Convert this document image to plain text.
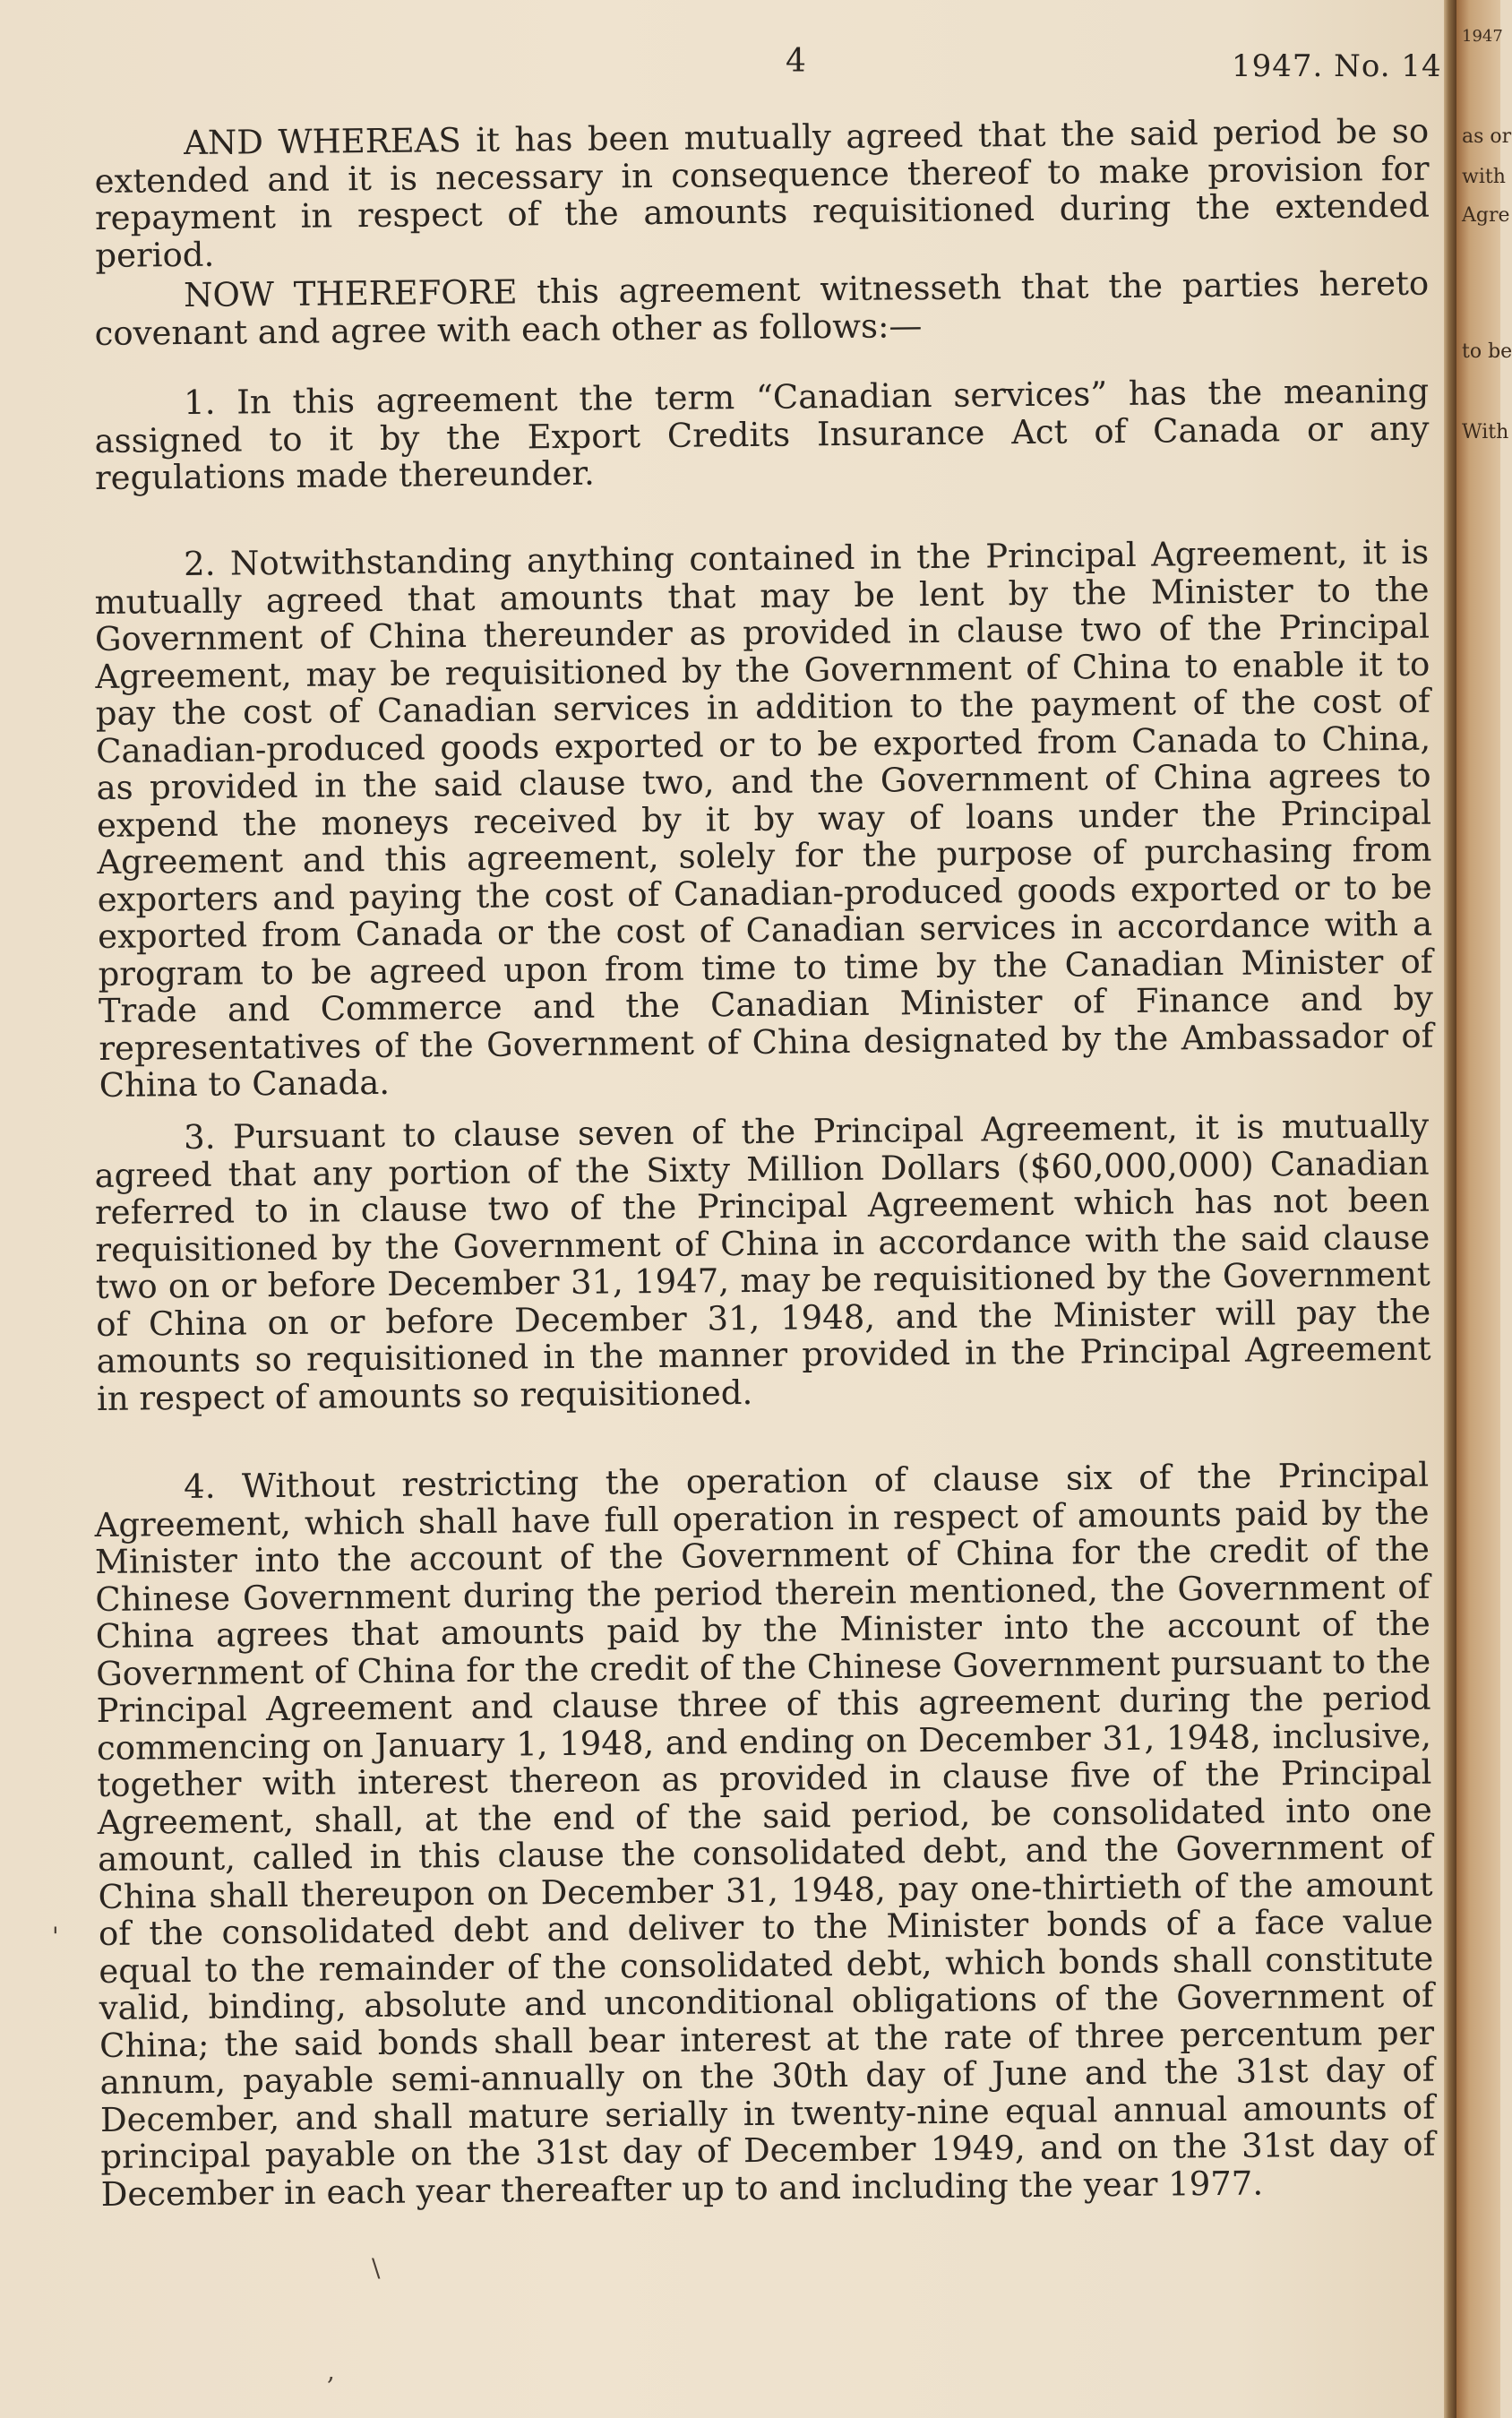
4	1947. No. 14

AND WHEREAS it has been mutually agreed that the said period be so extended and it is necessary in consequence thereof to make provision for repayment in respect of the amounts requisitioned during the extended period.

NOW THEREFORE this agreement witnesseth that the parties hereto covenant and agree with each other as follows:—

1. In this agreement the term “Canadian services” has the meaning assigned to it by the Export Credits Insurance Act of Canada or any regulations made thereunder.

2. Notwithstanding anything contained in the Principal Agreement, it is mutually agreed that amounts that may be lent by the Minister to the Government of China thereunder as provided in clause two of the Principal Agreement, may be requisitioned by the Government of China to enable it to pay the cost of Canadian services in addition to the payment of the cost of Canadian-produced goods exported or to be exported from Canada to China, as provided in the said clause two, and the Government of China agrees to expend the moneys received by it by way of loans under the Principal Agreement and this agreement, solely for the purpose of purchasing from exporters and paying the cost of Canadian-produced goods exported or to be exported from Canada or the cost of Canadian services in accordance with a program to be agreed upon from time to time by the Canadian Minister of Trade and Commerce and the Canadian Minister of Finance and by representatives of the Government of China designated by the Ambassador of China to Canada.

3. Pursuant to clause seven of the Principal Agreement, it is mutually agreed that any portion of the Sixty Million Dollars ($60,000,000) Canadian referred to in clause two of the Principal Agreement which has not been requisitioned by the Government of China in accordance with the said clause two on or before December 31, 1947, may be requisitioned by the Government of China on or before December 31, 1948, and the Minister will pay the amounts so requisitioned in the manner provided in the Principal Agreement in respect of amounts so requisitioned.

4. Without restricting the operation of clause six of the Principal Agreement, which shall have full operation in respect of amounts paid by the Minister into the account of the Government of China for the credit of the Chinese Government during the period therein mentioned, the Government of China agrees that amounts paid by the Minister into the account of the Government of China for the credit of the Chinese Government pursuant to the Principal Agreement and clause three of this agreement during the period commencing on January 1, 1948, and ending on December 31, 1948, inclusive, together with interest thereon as provided in clause five of the Principal Agreement, shall, at the end of the said period, be consolidated into one amount, called in this clause the consolidated debt, and the Government of China shall thereupon on December 31, 1948, pay one-thirtieth of the amount of the consolidated debt and deliver to the Minister bonds of a face value equal to the remainder of the consolidated debt, which bonds shall constitute valid, binding, absolute and unconditional obligations of the Government of China; the said bonds shall bear interest at the rate of three percentum per annum, payable semi-annually on the 30th day of June and the 31st day of December, and shall mature serially in twenty-nine equal annual amounts of principal payable on the 31st day of December 1949, and on the 31st day of December in each year thereafter up to and including the year 1977.

'
\
,
1947
as or
with
Agre
to be
With
